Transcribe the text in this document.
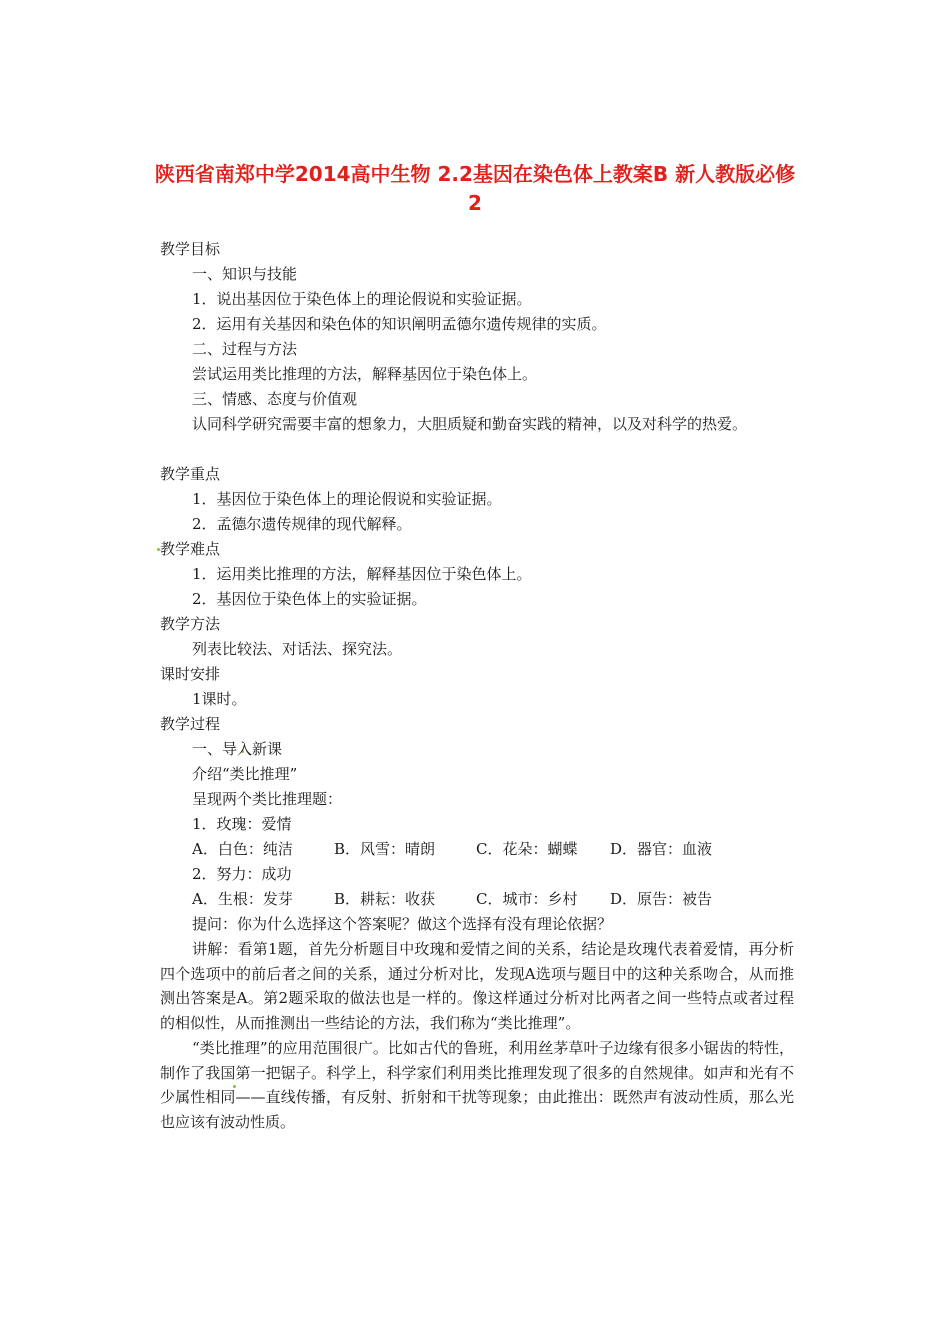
陕西省南郑中学2014高中生物 2.2基因在染色体上教案B 新人教版必修2
教学目标
一、知识与技能
1．说出基因位于染色体上的理论假说和实验证据。
2．运用有关基因和染色体的知识阐明孟德尔遗传规律的实质。
二、过程与方法
尝试运用类比推理的方法，解释基因位于染色体上。
三、情感、态度与价值观
认同科学研究需要丰富的想象力，大胆质疑和勤奋实践的精神，以及对科学的热爱。
教学重点
1．基因位于染色体上的理论假说和实验证据。
2．孟德尔遗传规律的现代解释。
教学难点
1．运用类比推理的方法，解释基因位于染色体上。
2．基因位于染色体上的实验证据。
教学方法
列表比较法、对话法、探究法。
课时安排
1课时。
教学过程
一、导入新课
介绍“类比推理”
呈现两个类比推理题：
1．玫瑰：爱情
A．白色：纯洁	B．风雪：晴朗	C．花朵：蝴蝶 D．器官：血液
2．努力：成功
A．生根：发芽	B．耕耘：收获	C．城市：乡村 D．原告：被告
提问：你为什么选择这个答案呢？做这个选择有没有理论依据？
讲解：看第1题，首先分析题目中玫瑰和爱情之间的关系，结论是玫瑰代表着爱情，再分析四个选项中的前后者之间的关系，通过分析对比，发现A选项与题目中的这种关系吻合，从而推测出答案是A。第2题采取的做法也是一样的。像这样通过分析对比两者之间一些特点或者过程的相似性，从而推测出一些结论的方法，我们称为“类比推理”。
“类比推理”的应用范围很广。比如古代的鲁班，利用丝茅草叶子边缘有很多小锯齿的特性，制作了我国第一把锯子。科学上，科学家们利用类比推理发现了很多的自然规律。如声和光有不少属性相同——直线传播，有反射、折射和干扰等现象；由此推出：既然声有波动性质，那么光也应该有波动性质。
